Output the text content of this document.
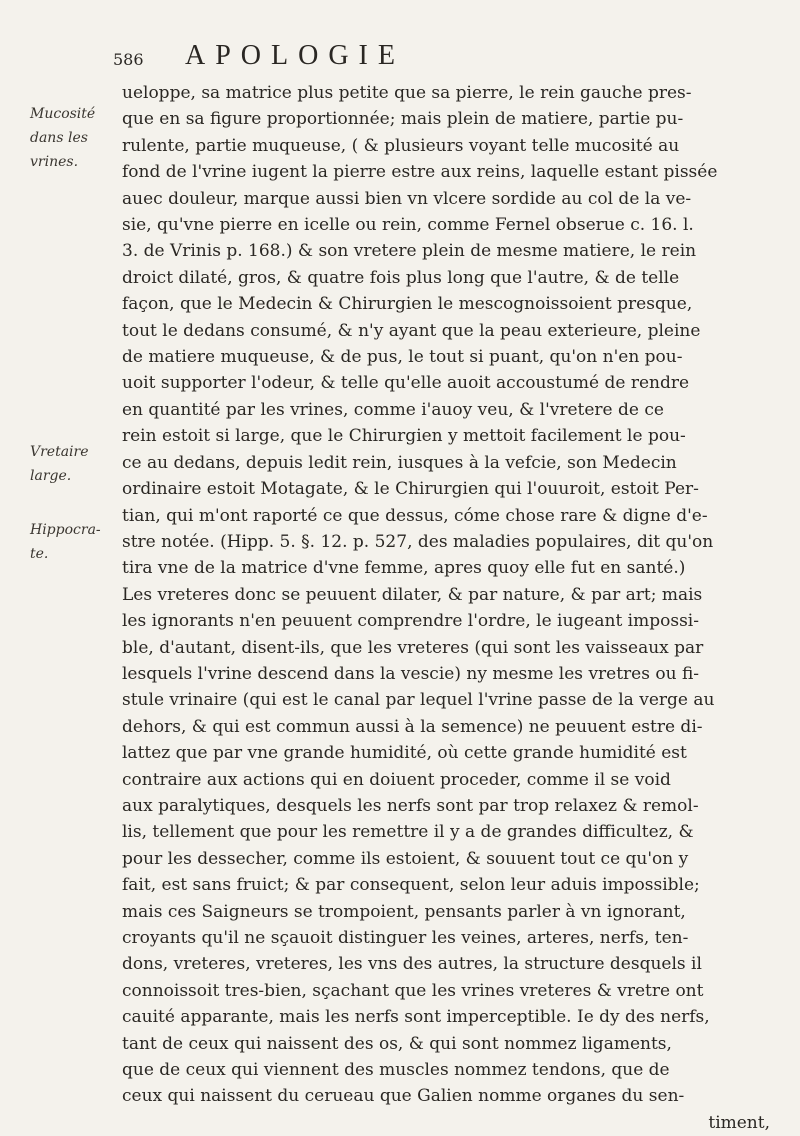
586 APOLOGIE
Mucosité
dans les
vrines.
Vretaire
large.
Hippocra-
te.
ueloppe, sa matrice plus petite que sa pierre, le rein gauche pres-
que en sa figure proportionnée; mais plein de matiere, partie pu-
rulente, partie muqueuse, ( & plusieurs voyant telle mucosité au
fond de l'vrine iugent la pierre estre aux reins, laquelle estant pissée
auec douleur, marque aussi bien vn vlcere sordide au col de la ve-
sie, qu'vne pierre en icelle ou rein, comme Fernel obserue c. 16. l.
3. de Vrinis p. 168.) & son vretere plein de mesme matiere, le rein
droict dilaté, gros, & quatre fois plus long que l'autre, & de telle
façon, que le Medecin & Chirurgien le mescognoissoient presque,
tout le dedans consumé, & n'y ayant que la peau exterieure, pleine
de matiere muqueuse, & de pus, le tout si puant, qu'on n'en pou-
uoit supporter l'odeur, & telle qu'elle auoit accoustumé de rendre
en quantité par les vrines, comme i'auoy veu, & l'vretere de ce
rein estoit si large, que le Chirurgien y mettoit facilement le pou-
ce au dedans, depuis ledit rein, iusques à la vefcie, son Medecin
ordinaire estoit Motagate, & le Chirurgien qui l'ouuroit, estoit Per-
tian, qui m'ont raporté ce que dessus, cóme chose rare & digne d'e-
stre notée. (Hipp. 5. §. 12. p. 527, des maladies populaires, dit qu'on
tira vne de la matrice d'vne femme, apres quoy elle fut en santé.)
Les vreteres donc se peuuent dilater, & par nature, & par art; mais
les ignorants n'en peuuent comprendre l'ordre, le iugeant impossi-
ble, d'autant, disent-ils, que les vreteres (qui sont les vaisseaux par
lesquels l'vrine descend dans la vescie) ny mesme les vretres ou fi-
stule vrinaire (qui est le canal par lequel l'vrine passe de la verge au
dehors, & qui est commun aussi à la semence) ne peuuent estre di-
lattez que par vne grande humidité, où cette grande humidité est
contraire aux actions qui en doiuent proceder, comme il se void
aux paralytiques, desquels les nerfs sont par trop relaxez & remol-
lis, tellement que pour les remettre il y a de grandes difficultez, &
pour les dessecher, comme ils estoient, & souuent tout ce qu'on y
fait, est sans fruict; & par consequent, selon leur aduis impossible;
mais ces Saigneurs se trompoient, pensants parler à vn ignorant,
croyants qu'il ne sçauoit distinguer les veines, arteres, nerfs, ten-
dons, vreteres, vreteres, les vns des autres, la structure desquels il
connoissoit tres-bien, sçachant que les vrines vreteres & vretre ont
cauité apparante, mais les nerfs sont imperceptible. Ie dy des nerfs,
tant de ceux qui naissent des os, & qui sont nommez ligaments,
que de ceux qui viennent des muscles nommez tendons, que de
ceux qui naissent du cerueau que Galien nomme organes du sen-
timent,
